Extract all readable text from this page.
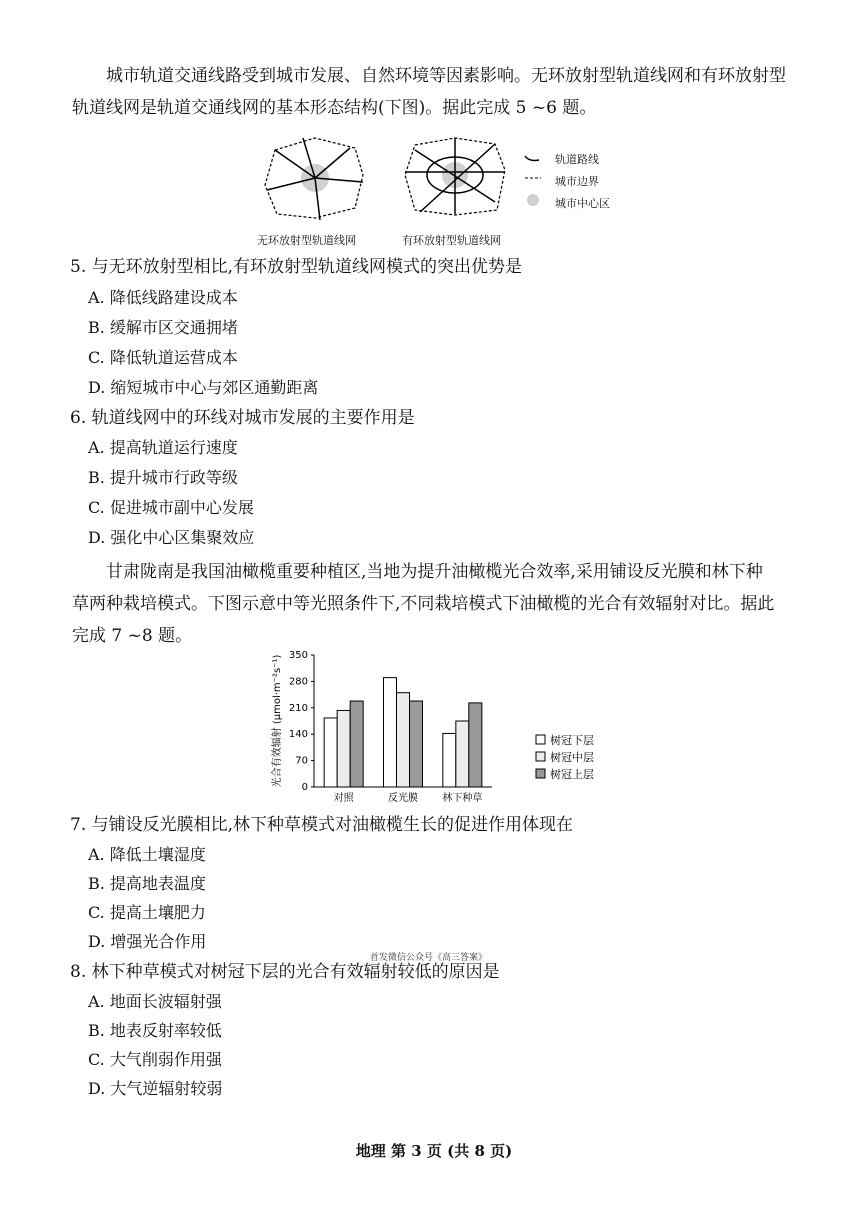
城市轨道交通线路受到城市发展、自然环境等因素影响。无环放射型轨道线网和有环放射型
轨道线网是轨道交通线网的基本形态结构(下图)。据此完成 5 ~6 题。
轨道路线
城市边界
城市中心区
无环放射型轨道线网	有环放射型轨道线网
5. 与无环放射型相比,有环放射型轨道线网模式的突出优势是
A. 降低线路建设成本
B. 缓解市区交通拥堵
C. 降低轨道运营成本
D. 缩短城市中心与郊区通勤距离
6. 轨道线网中的环线对城市发展的主要作用是
A. 提高轨道运行速度
B. 提升城市行政等级
C. 促进城市副中心发展
D. 强化中心区集聚效应
甘肃陇南是我国油橄榄重要种植区,当地为提升油橄榄光合效率,采用铺设反光膜和林下种
草两种栽培模式。下图示意中等光照条件下,不同栽培模式下油橄榄的光合有效辐射对比。据此
完成 7 ~8 题。
0
70
140
210
280
350
光合有效辐射 (μmol·m⁻²s⁻¹)
对照	反光膜 林下种草
树冠下层
树冠中层
树冠上层
7. 与铺设反光膜相比,林下种草模式对油橄榄生长的促进作用体现在
A. 降低土壤湿度
B. 提高地表温度
C. 提高土壤肥力
D. 增强光合作用
首发微信公众号《高三答案》
8. 林下种草模式对树冠下层的光合有效辐射较低的原因是
A. 地面长波辐射强
B. 地表反射率较低
C. 大气削弱作用强
D. 大气逆辐射较弱
地理 第 3 页 (共 8 页)
